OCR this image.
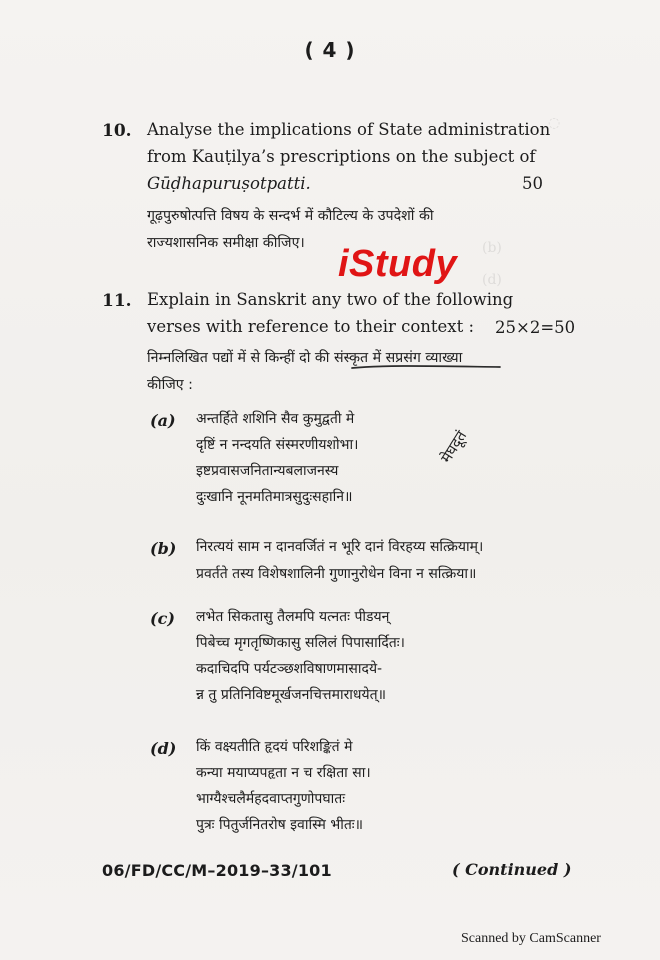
( 4 )
◌
(b)
(d)
10. Analyse the implications of State administration
from Kauṭilya’s prescriptions on the subject of
Gūḍhapuruṣotpatti.	50
गूढ़पुरुषोत्पत्ति विषय के सन्दर्भ में कौटिल्य के उपदेशों की
राज्यशासनिक समीक्षा कीजिए। iStudy
11. Explain in Sanskrit any two of the following
verses with reference to their context : 25×2=50
निम्नलिखित पद्यों में से किन्हीं दो की संस्कृत में सप्रसंग व्याख्या
कीजिए :
(a) अन्तर्हिते शशिनि सैव कुमुद्वती मे
दृष्टिं न नन्दयति संस्मरणीयशोभा।
इष्टप्रवासजनितान्यबलाजनस्य
दुःखानि नूनमतिमात्रसुदुःसहानि॥
मेघदूतं
(b) निरत्ययं साम न दानवर्जितं न भूरि दानं विरहय्य सत्क्रियाम्।
प्रवर्तते तस्य विशेषशालिनी गुणानुरोधेन विना न सत्क्रिया॥
(c) लभेत सिकतासु तैलमपि यत्नतः पीडयन्
पिबेच्च मृगतृष्णिकासु सलिलं पिपासार्दितः।
कदाचिदपि पर्यटञ्छशविषाणमासादये-
न्न तु प्रतिनिविष्टमूर्खजनचित्तमाराधयेत्॥
(d) किं वक्ष्यतीति हृदयं परिशङ्कितं मे
कन्या मयाप्यपहृता न च रक्षिता सा।
भाग्यैश्चलैर्महदवाप्तगुणोपघातः
पुत्रः पितुर्जनितरोष इवास्मि भीतः॥
06/FD/CC/M–2019–33/101	( Continued )
Scanned by CamScanner
